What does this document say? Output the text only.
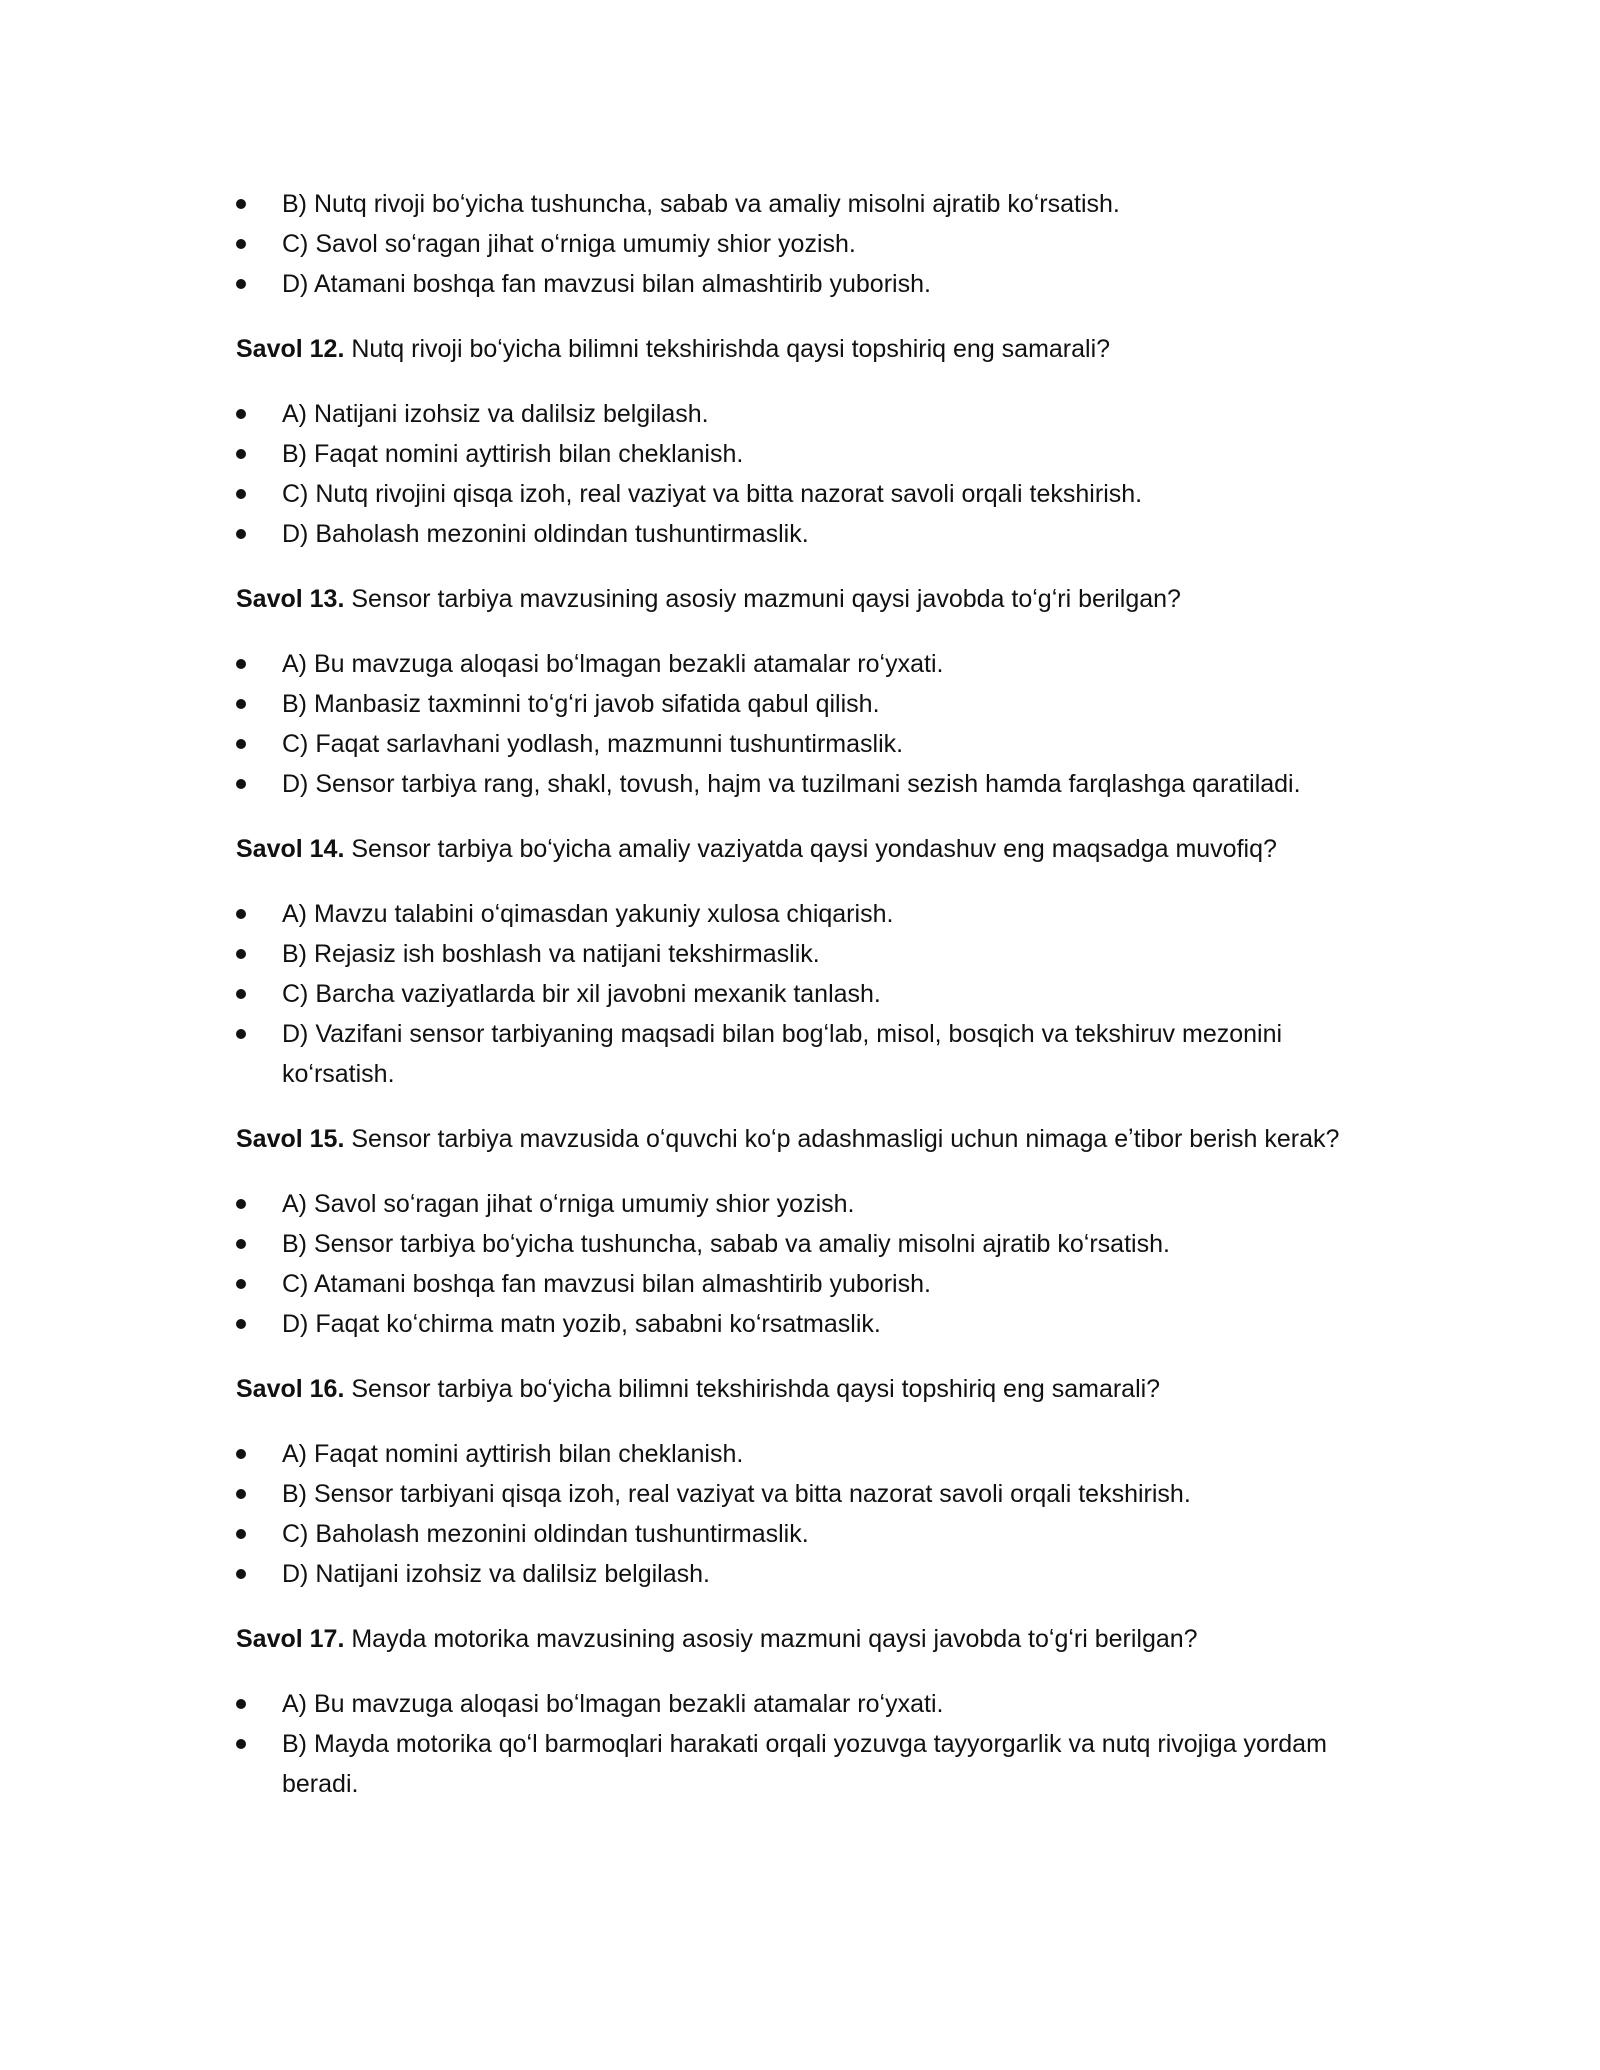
B) Nutq rivoji boʻyicha tushuncha, sabab va amaliy misolni ajratib koʻrsatish.
C) Savol soʻragan jihat oʻrniga umumiy shior yozish.
D) Atamani boshqa fan mavzusi bilan almashtirib yuborish.

Savol 12. Nutq rivoji boʻyicha bilimni tekshirishda qaysi topshiriq eng samarali?

A) Natijani izohsiz va dalilsiz belgilash.
B) Faqat nomini ayttirish bilan cheklanish.
C) Nutq rivojini qisqa izoh, real vaziyat va bitta nazorat savoli orqali tekshirish.
D) Baholash mezonini oldindan tushuntirmaslik.

Savol 13. Sensor tarbiya mavzusining asosiy mazmuni qaysi javobda toʻgʻri berilgan?

A) Bu mavzuga aloqasi boʻlmagan bezakli atamalar roʻyxati.
B) Manbasiz taxminni toʻgʻri javob sifatida qabul qilish.
C) Faqat sarlavhani yodlash, mazmunni tushuntirmaslik.
D) Sensor tarbiya rang, shakl, tovush, hajm va tuzilmani sezish hamda farqlashga qaratiladi.

Savol 14. Sensor tarbiya boʻyicha amaliy vaziyatda qaysi yondashuv eng maqsadga muvofiq?

A) Mavzu talabini oʻqimasdan yakuniy xulosa chiqarish.
B) Rejasiz ish boshlash va natijani tekshirmaslik.
C) Barcha vaziyatlarda bir xil javobni mexanik tanlash.
D) Vazifani sensor tarbiyaning maqsadi bilan bogʻlab, misol, bosqich va tekshiruv mezonini koʻrsatish.

Savol 15. Sensor tarbiya mavzusida oʻquvchi koʻp adashmasligi uchun nimaga eʼtibor berish kerak?

A) Savol soʻragan jihat oʻrniga umumiy shior yozish.
B) Sensor tarbiya boʻyicha tushuncha, sabab va amaliy misolni ajratib koʻrsatish.
C) Atamani boshqa fan mavzusi bilan almashtirib yuborish.
D) Faqat koʻchirma matn yozib, sababni koʻrsatmaslik.

Savol 16. Sensor tarbiya boʻyicha bilimni tekshirishda qaysi topshiriq eng samarali?

A) Faqat nomini ayttirish bilan cheklanish.
B) Sensor tarbiyani qisqa izoh, real vaziyat va bitta nazorat savoli orqali tekshirish.
C) Baholash mezonini oldindan tushuntirmaslik.
D) Natijani izohsiz va dalilsiz belgilash.

Savol 17. Mayda motorika mavzusining asosiy mazmuni qaysi javobda toʻgʻri berilgan?

A) Bu mavzuga aloqasi boʻlmagan bezakli atamalar roʻyxati.
B) Mayda motorika qoʻl barmoqlari harakati orqali yozuvga tayyorgarlik va nutq rivojiga yordam beradi.
